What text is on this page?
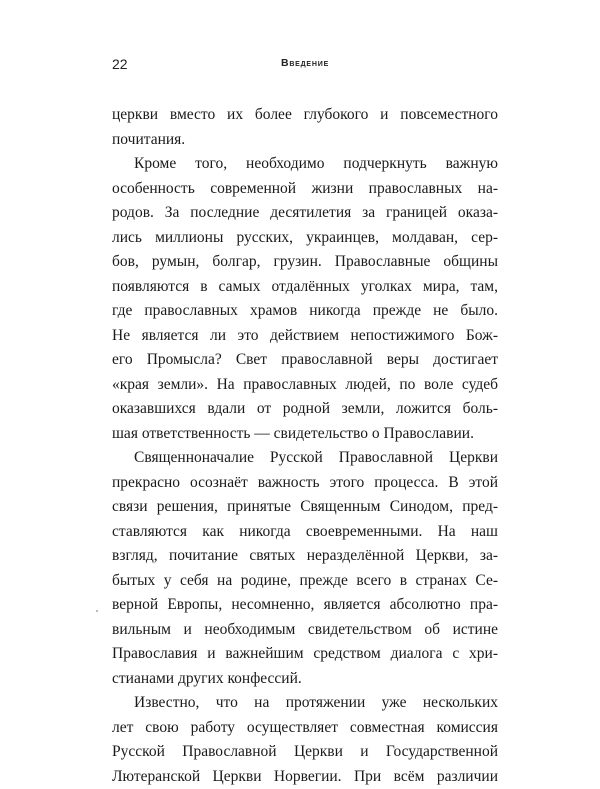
22	Введение
церкви вместо их более глубокого и повсеместного
почитания.
Кроме того, необходимо подчеркнуть важную
особенность современной жизни православных на-
родов. За последние десятилетия за границей оказа-
лись миллионы русских, украинцев, молдаван, сер-
бов, румын, болгар, грузин. Православные общины
появляются в самых отдалённых уголках мира, там,
где православных храмов никогда прежде не было.
Не является ли это действием непостижимого Бож-
его Промысла? Свет православной веры достигает
«края земли». На православных людей, по воле судеб
оказавшихся вдали от родной земли, ложится боль-
шая ответственность — свидетельство о Православии.
Священноначалие Русской Православной Церкви
прекрасно осознаёт важность этого процесса. В этой
связи решения, принятые Священным Синодом, пред-
ставляются как никогда своевременными. На наш
взгляд, почитание святых неразделённой Церкви, за-
бытых у себя на родине, прежде всего в странах Се-
верной Европы, несомненно, является абсолютно пра-
вильным и необходимым свидетельством об истине
Православия и важнейшим средством диалога с хри-
стианами других конфессий.
Известно, что на протяжении уже нескольких
лет свою работу осуществляет совместная комиссия
Русской Православной Церкви и Государственной
Лютеранской Церкви Норвегии. При всём различии
